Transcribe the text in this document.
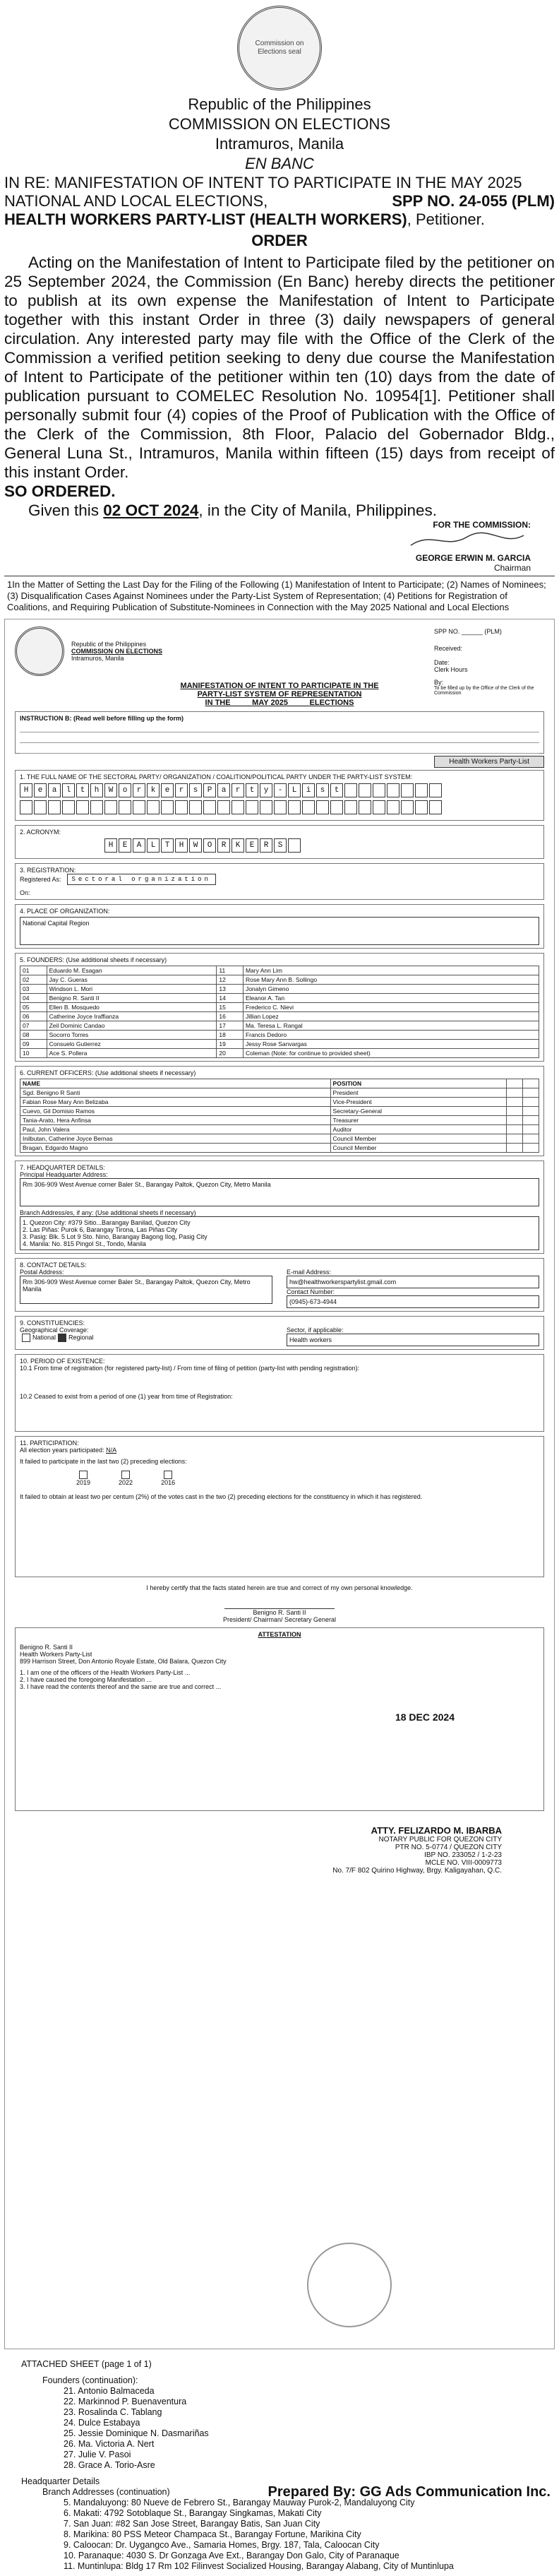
Commission on Elections seal
Republic of the Philippines
COMMISSION ON ELECTIONS
Intramuros, Manila
EN BANC
IN RE: MANIFESTATION OF INTENT TO PARTICIPATE IN THE MAY 2025
NATIONAL AND LOCAL ELECTIONS,	SPP NO. 24-055 (PLM)
HEALTH WORKERS PARTY-LIST (HEALTH WORKERS), Petitioner.
ORDER

Acting on the Manifestation of Intent to Participate filed by the petitioner on 25 September 2024, the Commission (En Banc) hereby directs the petitioner to publish at its own expense the Manifestation of Intent to Participate together with this instant Order in three (3) daily newspapers of general circulation. Any interested party may file with the Office of the Clerk of the Commission a verified petition seeking to deny due course the Manifestation of Intent to Participate of the petitioner within ten (10) days from the date of publication pursuant to COMELEC Resolution No. 10954[1]. Petitioner shall personally submit four (4) copies of the Proof of Publication with the Office of the Clerk of the Commission, 8th Floor, Palacio del Gobernador Bldg., General Luna St., Intramuros, Manila within fifteen (15) days from receipt of this instant Order.

SO ORDERED.

Given this 02 OCT 2024, in the City of Manila, Philippines.

FOR THE COMMISSION:
GEORGE ERWIN M. GARCIA
Chairman
1In the Matter of Setting the Last Day for the Filing of the Following (1) Manifestation of Intent to Participate; (2) Names of Nominees; (3) Disqualification Cases Against Nominees under the Party-List System of Representation; (4) Petitions for Registration of Coalitions, and Requiring Publication of Substitute-Nominees in Connection with the May 2025 National and Local Elections
SPP NO. ______ (PLM)
Received:
Date:
Clerk Hours
By:
To be filled up by the Office of the Clerk of the Commission
Republic of the Philippines
COMMISSION ON ELECTIONS
Intramuros, Manila
MANIFESTATION OF INTENT TO PARTICIPATE IN THE
PARTY-LIST SYSTEM OF REPRESENTATION
IN THE ____ MAY 2025 ____ ELECTIONS
INSTRUCTION B: (Read well before filling up the form)
Health Workers Party-List
1. THE FULL NAME OF THE SECTORAL PARTY/ ORGANIZATION / COALITION/POLITICAL PARTY UNDER THE PARTY-LIST SYSTEM:
H	e	a	l	t	h	W	o	r	k	e	r	s	P	a	r	t	y	-	L	i	s	t
2. ACRONYM:
H	E	A	L	T	H	W	O	R	K	E	R	S
3. REGISTRATION:
Registered As:	Sectoral organization
On:
4. PLACE OF ORGANIZATION:
National Capital Region
5. FOUNDERS: (Use additional sheets if necessary)
01	Eduardo M. Esagan	11	Mary Ann Lim
02	Jay C. Gueras	12	Rose Mary Ann B. Sollingo
03	Windson L. Mori	13	Jonalyn Gimeno
04	Benigno R. Santi II	14	Eleanor A. Tan
05	Ellen B. Mosquedo	15	Frederico C. Nievi
06	Catherine Joyce Iraffianza	16	Jillian Lopez
07	Zeil Dominic Candao	17	Ma. Teresa L. Rangal
08	Socorro Torres	18	Francis Dedoro
09	Consuelo Gutierrez	19	Jessy Rose Sanvargas
10	Ace S. Pollera	20	Coleman (Note: for continue to provided sheet)
6. CURRENT OFFICERS: (Use additional sheets if necessary)
NAME	POSITION		
Sgd. Benigno R Santi	President		
Fabian Rose Mary Ann Belizaba	Vice-President		
Cuevo, Gil Domisio Ramos	Secretary-General		
Tania-Arato, Hera Anfinsa	Treasurer		
Paul, John Valera	Auditor		
Inilbutan, Catherine Joyce Bernas	Council Member		
Bragan, Edgardo Magno	Council Member		
7. HEADQUARTER DETAILS:
Principal Headquarter Address:
Rm 306-909 West Avenue corner Baler St., Barangay Paltok, Quezon City, Metro Manila
Branch Address/es, if any: (Use additional sheets if necessary)
1. Quezon City: #379 Sitio...Barangay Banilad, Quezon City
2. Las Piñas: Purok 6, Barangay Tirona, Las Piñas City
3. Pasig: Blk. 5 Lot 9 Sto. Nino, Barangay Bagong Ilog, Pasig City
4. Manila: No. 815 Pingol St., Tondo, Manila
8. CONTACT DETAILS:
Postal Address:
Rm 306-909 West Avenue corner Baler St., Barangay Paltok, Quezon City, Metro Manila
E-mail Address:
hw@healthworkerspartylist.gmail.com
Contact Number:
(0945)-673-4944
9. CONSTITUENCIES:
Geographical Coverage:
National Regional
Sector, if applicable:
Health workers
10. PERIOD OF EXISTENCE:
10.1 From time of registration (for registered party-list) / From time of filing of petition (party-list with pending registration):
10.2 Ceased to exist from a period of one (1) year from time of Registration:
11. PARTICIPATION:
All election years participated: N/A
It failed to participate in the last two (2) preceding elections:

2019	2022	2016
It failed to obtain at least two per centum (2%) of the votes cast in the two (2) preceding elections for the constituency in which it has registered.
I hereby certify that the facts stated herein are true and correct of my own personal knowledge.
Benigno R. Santi II
President/ Chairman/ Secretary General
ATTESTATION
Benigno R. Santi II
Health Workers Party-List
899 Harrison Street, Don Antonio Royale Estate, Old Balara, Quezon City
1. I am one of the officers of the Health Workers Party-List ...
2. I have caused the foregoing Manifestation ...
3. I have read the contents thereof and the same are true and correct ...
18 DEC 2024
ATTY. FELIZARDO M. IBARBA
NOTARY PUBLIC FOR QUEZON CITY
PTR NO. 5-0774 / QUEZON CITY
IBP NO. 233052 / 1-2-23
MCLE NO. VIII-0009773
No. 7/F 802 Quirino Highway, Brgy. Kaligayahan, Q.C.
ATTACHED SHEET (page 1 of 1)
Founders (continuation):
21. Antonio Balmaceda
22. Markinnod P. Buenaventura
23. Rosalinda C. Tablang
24. Dulce Estabaya
25. Jessie Dominique N. Dasmariñas
26. Ma. Victoria A. Nert
27. Julie V. Pasoi
28. Grace A. Torio-Asre
Headquarter Details
Branch Addresses (continuation)
5. Mandaluyong: 80 Nueve de Febrero St., Barangay Mauway Purok-2, Mandaluyong City
6. Makati: 4792 Sotoblaque St., Barangay Singkamas, Makati City
7. San Juan: #82 San Jose Street, Barangay Batis, San Juan City
8. Marikina: 80 PSS Meteor Champaca St., Barangay Fortune, Marikina City
9. Caloocan: Dr. Uygangco Ave., Samaria Homes, Brgy. 187, Tala, Caloocan City
10. Paranaque: 4030 S. Dr Gonzaga Ave Ext., Barangay Don Galo, City of Paranaque
11. Muntinlupa: Bldg 17 Rm 102 Filinvest Socialized Housing, Barangay Alabang, City of Muntinlupa
Prepared By: GG Ads Communication Inc.
